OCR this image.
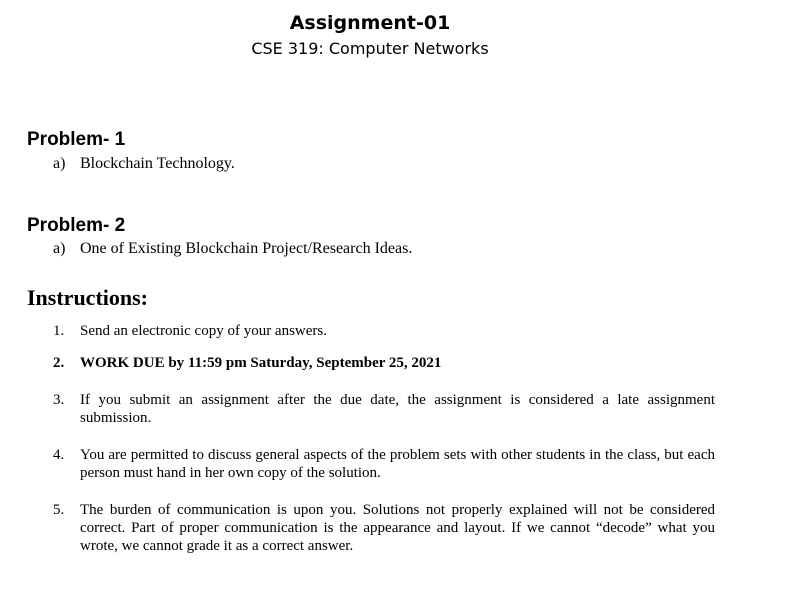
Assignment-01
CSE 319: Computer Networks
Problem- 1
a) Blockchain Technology.
Problem- 2
a) One of Existing Blockchain Project/Research Ideas.
Instructions:
1.	Send an electronic copy of your answers.
2.	WORK DUE by 11:59 pm Saturday, September 25, 2021
3.	If you submit an assignment after the due date, the assignment is considered a late assignment submission.
4.	You are permitted to discuss general aspects of the problem sets with other students in the class, but each person must hand in her own copy of the solution.
5.	The burden of communication is upon you. Solutions not properly explained will not be considered correct. Part of proper communication is the appearance and layout. If we cannot “decode” what you wrote, we cannot grade it as a correct answer.
